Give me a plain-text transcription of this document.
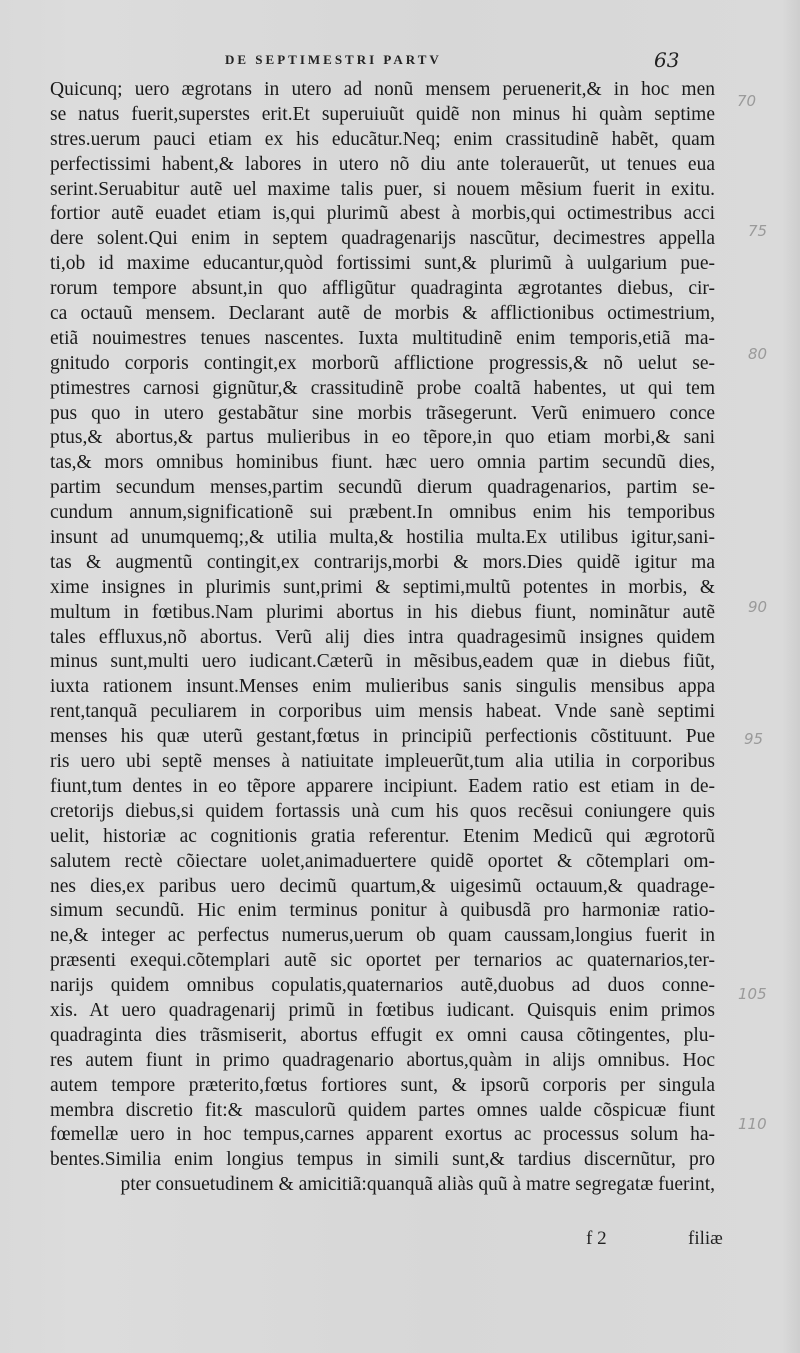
DE SEPTIMESTRI PARTV	63
Quicunq; uero ægrotans in utero ad nonũ mensem peruenerit,& in hoc men
se natus fuerit,superstes erit.Et superuiuũt quidẽ non minus hi quàm septime
stres.uerum pauci etiam ex his educãtur.Neq; enim crassitudinẽ habẽt, quam
perfectissimi habent,& labores in utero nõ diu ante tolerauerũt, ut tenues eua
serint.Seruabitur autẽ uel maxime talis puer, si nouem mẽsium fuerit in exitu.
fortior autẽ euadet etiam is,qui plurimũ abest à morbis,qui octimestribus acci
dere solent.Qui enim in septem quadragenarijs nascũtur, decimestres appella
ti,ob id maxime educantur,quòd fortissimi sunt,& plurimũ à uulgarium pue-
rorum tempore absunt,in quo affligũtur quadraginta ægrotantes diebus, cir-
ca octauũ mensem. Declarant autẽ de morbis & afflictionibus octimestrium,
etiã nouimestres tenues nascentes. Iuxta multitudinẽ enim temporis,etiã ma-
gnitudo corporis contingit,ex morborũ afflictione progressis,& nõ uelut se-
ptimestres carnosi gignũtur,& crassitudinẽ probe coaltã habentes, ut qui tem
pus quo in utero gestabãtur sine morbis trãsegerunt. Verũ enimuero conce
ptus,& abortus,& partus mulieribus in eo tẽpore,in quo etiam morbi,& sani
tas,& mors omnibus hominibus fiunt. hæc uero omnia partim secundũ dies,
partim secundum menses,partim secundũ dierum quadragenarios, partim se-
cundum annum,significationẽ sui præbent.In omnibus enim his temporibus
insunt ad unumquemq;,& utilia multa,& hostilia multa.Ex utilibus igitur,sani-
tas & augmentũ contingit,ex contrarijs,morbi & mors.Dies quidẽ igitur ma
xime insignes in plurimis sunt,primi & septimi,multũ potentes in morbis, &
multum in fœtibus.Nam plurimi abortus in his diebus fiunt, nominãtur autẽ
tales effluxus,nõ abortus. Verũ alij dies intra quadragesimũ insignes quidem
minus sunt,multi uero iudicant.Cæterũ in mẽsibus,eadem quæ in diebus fiũt,
iuxta rationem insunt.Menses enim mulieribus sanis singulis mensibus appa
rent,tanquã peculiarem in corporibus uim mensis habeat. Vnde sanè septimi
menses his quæ uterũ gestant,fœtus in principiũ perfectionis cõstituunt. Pue
ris uero ubi septẽ menses à natiuitate impleuerũt,tum alia utilia in corporibus
fiunt,tum dentes in eo tẽpore apparere incipiunt. Eadem ratio est etiam in de-
cretorijs diebus,si quidem fortassis unà cum his quos recẽsui coniungere quis
uelit, historiæ ac cognitionis gratia referentur. Etenim Medicũ qui ægrotorũ
salutem rectè cõiectare uolet,animaduertere quidẽ oportet & cõtemplari om-
nes dies,ex paribus uero decimũ quartum,& uigesimũ octauum,& quadrage-
simum secundũ. Hic enim terminus ponitur à quibusdã pro harmoniæ ratio-
ne,& integer ac perfectus numerus,uerum ob quam caussam,longius fuerit in
præsenti exequi.cõtemplari autẽ sic oportet per ternarios ac quaternarios,ter-
narijs quidem omnibus copulatis,quaternarios autẽ,duobus ad duos conne-
xis. At uero quadragenarij primũ in fœtibus iudicant. Quisquis enim primos
quadraginta dies trãsmiserit, abortus effugit ex omni causa cõtingentes, plu-
res autem fiunt in primo quadragenario abortus,quàm in alijs omnibus. Hoc
autem tempore præterito,fœtus fortiores sunt, & ipsorũ corporis per singula
membra discretio fit:& masculorũ quidem partes omnes ualde cõspicuæ fiunt
fœmellæ uero in hoc tempus,carnes apparent exortus ac processus solum ha-
bentes.Similia enim longius tempus in simili sunt,& tardius discernũtur, pro
pter consuetudinem & amicitiã:quanquã aliàs quũ à matre segregatæ fuerint,
70
75
80
90
95
105
110
f 2	filiæ
